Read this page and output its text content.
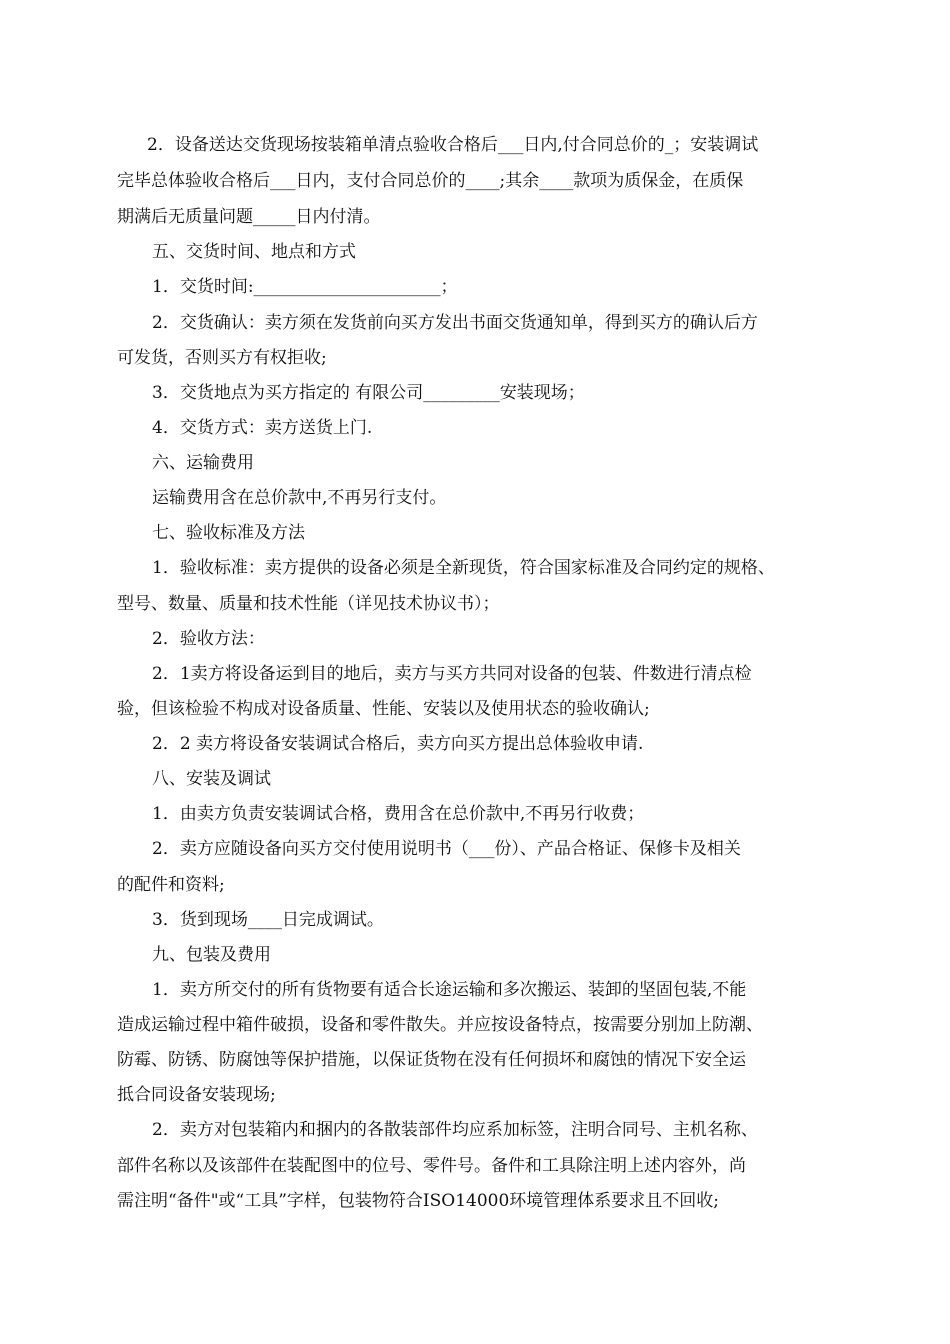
2．设备送达交货现场按装箱单清点验收合格后___日内,付合同总价的_；安装调试
完毕总体验收合格后___日内，支付合同总价的____;其余____款项为质保金，在质保
期满后无质量问题_____日内付清。
五、交货时间、地点和方式
1．交货时间:______________________；
2．交货确认：卖方须在发货前向买方发出书面交货通知单，得到买方的确认后方
可发货，否则买方有权拒收;
3．交货地点为买方指定的 有限公司_________安装现场；
4．交货方式：卖方送货上门.
六、运输费用
运输费用含在总价款中,不再另行支付。
七、验收标准及方法
1．验收标准：卖方提供的设备必须是全新现货，符合国家标准及合同约定的规格、
型号、数量、质量和技术性能（详见技术协议书）；
2．验收方法：
2．1卖方将设备运到目的地后，卖方与买方共同对设备的包装、件数进行清点检
验，但该检验不构成对设备质量、性能、安装以及使用状态的验收确认;
2．2 卖方将设备安装调试合格后，卖方向买方提出总体验收申请.
八、安装及调试
1．由卖方负责安装调试合格，费用含在总价款中,不再另行收费；
2．卖方应随设备向买方交付使用说明书（___份）、产品合格证、保修卡及相关
的配件和资料;
3．货到现场____日完成调试。
九、包装及费用
1．卖方所交付的所有货物要有适合长途运输和多次搬运、装卸的坚固包装,不能
造成运输过程中箱件破损，设备和零件散失。并应按设备特点，按需要分别加上防潮、
防霉、防锈、防腐蚀等保护措施，以保证货物在没有任何损坏和腐蚀的情况下安全运
抵合同设备安装现场;
2．卖方对包装箱内和捆内的各散装部件均应系加标签，注明合同号、主机名称、
部件名称以及该部件在装配图中的位号、零件号。备件和工具除注明上述内容外，尚
需注明“备件"或“工具”字样，包装物符合ISO14000环境管理体系要求且不回收;
